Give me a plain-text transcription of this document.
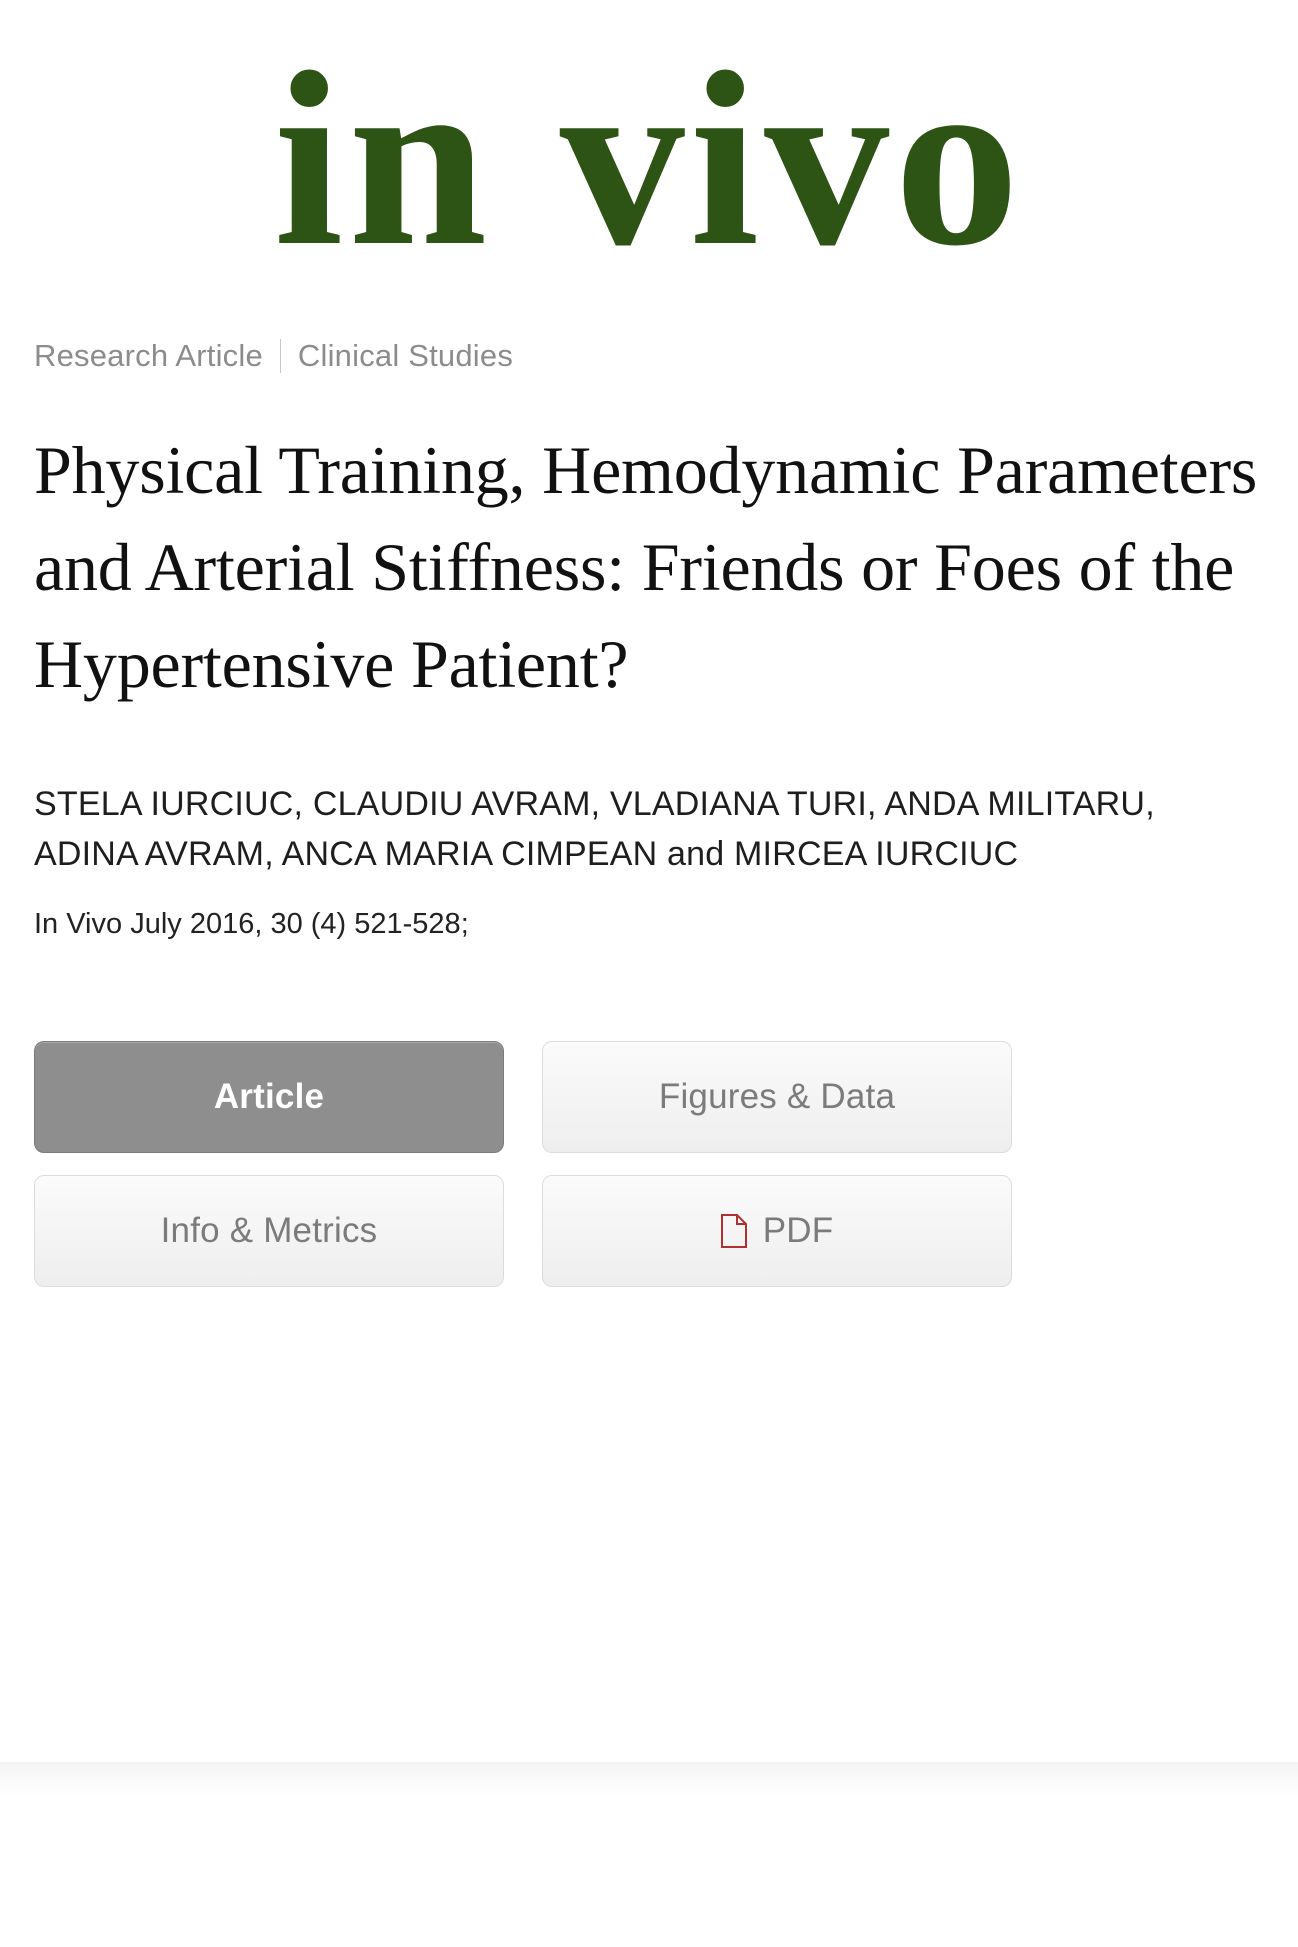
in vivo
Research Article Clinical Studies
Physical Training, Hemodynamic Parameters and Arterial Stiffness: Friends or Foes of the Hypertensive Patient?
STELA IURCIUC, CLAUDIU AVRAM, VLADIANA TURI, ANDA MILITARU, ADINA AVRAM, ANCA MARIA CIMPEAN and MIRCEA IURCIUC
In Vivo July 2016, 30 (4) 521-528;
Article	Figures & Data
Info & Metrics	PDF
